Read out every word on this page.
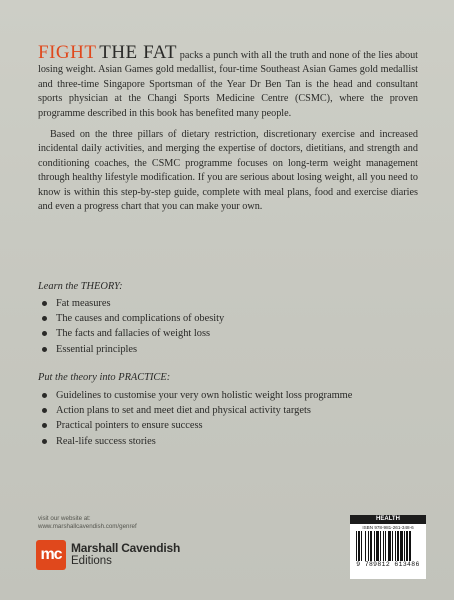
FIGHT THE FAT packs a punch with all the truth and none of the lies about losing weight. Asian Games gold medallist, four-time Southeast Asian Games gold medallist and three-time Singapore Sportsman of the Year Dr Ben Tan is the head and consultant sports physician at the Changi Sports Medicine Centre (CSMC), where the proven programme described in this book has benefited many people.

Based on the three pillars of dietary restriction, discretionary exercise and increased incidental daily activities, and merging the expertise of doctors, dietitians, and strength and conditioning coaches, the CSMC programme focuses on long-term weight management through healthy lifestyle modification. If you are serious about losing weight, all you need to know is within this step-by-step guide, complete with meal plans, food and exercise diaries and even a progress chart that you can make your own.

Learn the THEORY:
Fat measures
The causes and complications of obesity
The facts and fallacies of weight loss
Essential principles
Put the theory into PRACTICE:
Guidelines to customise your very own holistic weight loss programme
Action plans to set and meet diet and physical activity targets
Practical pointers to ensure success
Real-life success stories
visit our website at:
www.marshallcavendish.com/genref
mc Marshall Cavendish
Editions
HEALTH
ISBN 978-981-261-348-6
9 789812 613486
